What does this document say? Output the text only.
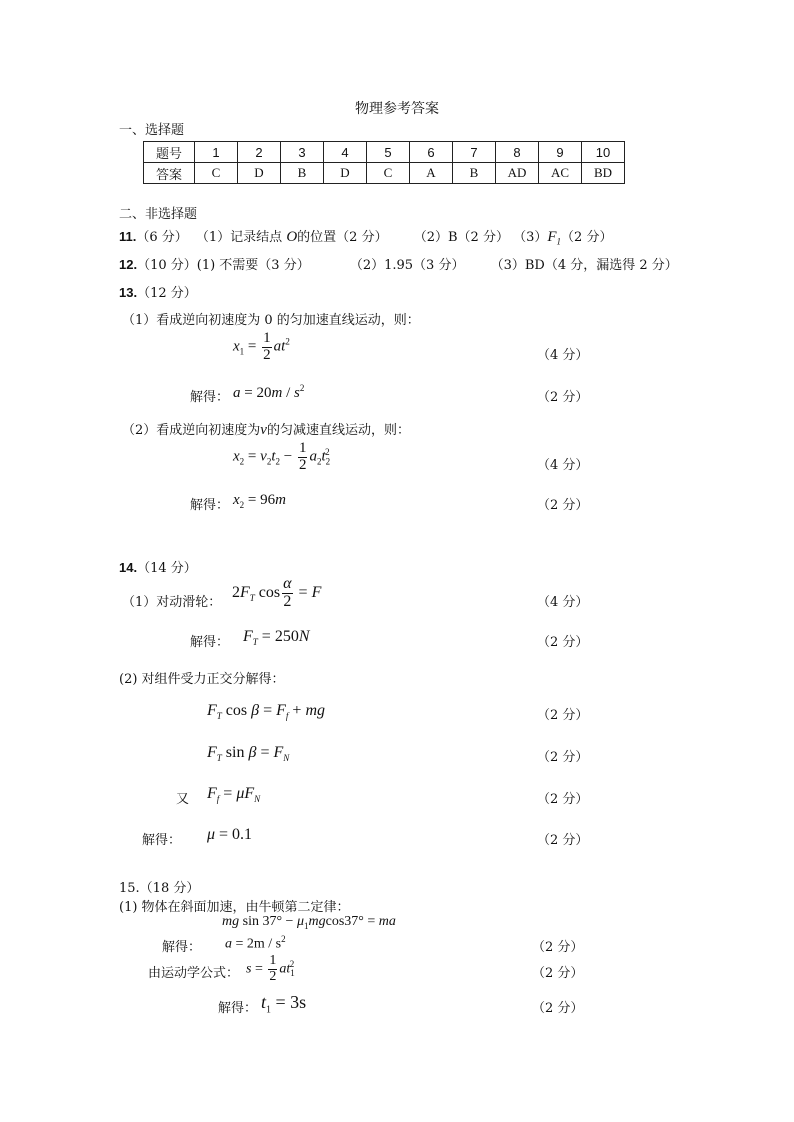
物理参考答案
一、选择题
题号	1	2	3	4	5	6	7	8	9	10
答案	C	D	B	D	C	A	B	AD	AC	BD
二、非选择题
11.（6 分） （1）记录结点 O的位置（2 分） （2）B（2 分） $(3)F_1(2$ 分）
12.（10 分）(1) 不需要（3 分）	（2）1.95（3 分） （3）BD（4 分，漏选得 2 分）
13.（12 分）
（1）看成逆向初速度为 0 的匀加速直线运动，则：
$x_1 = \frac{1}{2} at^2$
（4 分）
解得： $a = 20m / s^2$
（2 分）
（2）看成逆向初速度为v的匀减速直线运动，则：
$x_2 = v_2t_2 - \frac{1}{2} a_2t_2^2$
（4 分）
解得： $x_2 = 96m$	（2 分）
14.（14 分）
（1）对动滑轮：
$2F_T$ $\cos \frac{\alpha}{2} = F$
（4 分）
解得： $F_T = 250N$	（2 分）
(2) 对组件受力正交分解得：
$F_T$ $\cos \beta = F_f$ + mg	（2 分）
$F_T$ $\sin \beta = F_N$	（2 分）
又 $F_f = \mu F_N$	（2 分）
解得： μ = 0.1	（2 分）
15.（18 分）
(1) 物体在斜面加速，由牛顿第二定律：
mg $\sin 37^\circ - \mu_1mgcos37^\circ$ = ma
解得： $a = 2m / s^2$
（2 分）
由运动学公式： $s = \frac{1}{2} at_1^2$
（2 分）
解得： $t_1 = 3s$	（2 分）
